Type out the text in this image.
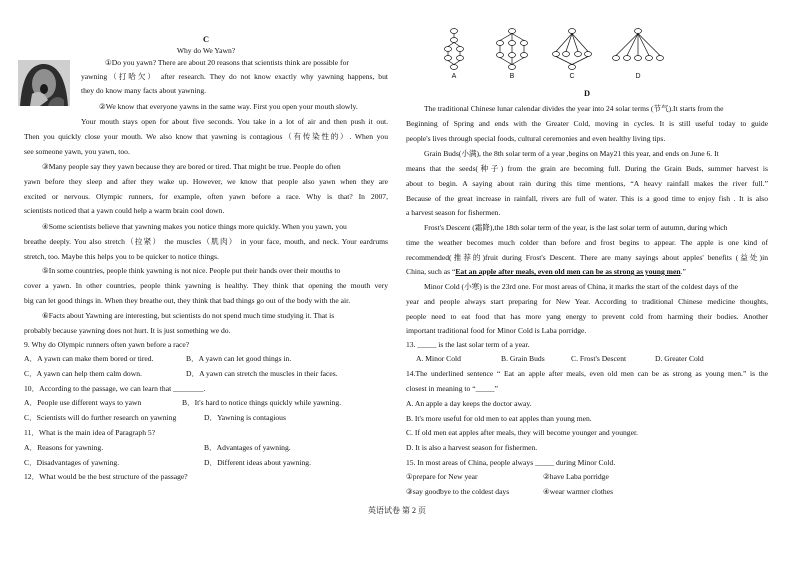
C
Why do We Yawn?
①Do you yawn? There are about 20 reasons that scientists think are possible for
yawning（打哈欠） after research. They do not know exactly why yawning happens, but
they do know many facts about yawning.
②We know that everyone yawns in the same way. First you open your mouth slowly.
Your mouth stays open for about five seconds. You take in a lot of air and then push it out.
Then you quickly close your mouth. We also know that yawning is contagious（有传染性的）. When you
see someone yawn, you yawn, too.
③Many people say they yawn because they are bored or tired. That might be true. People do often
yawn before they sleep and after they wake up. However, we know that people also yawn when they are
excited or nervous. Olympic runners, for example, often yawn before a race. Why is that? In 2007,
scientists noticed that a yawn could help a warm brain cool down.
④Some scientists believe that yawning makes you notice things more quickly. When you yawn, you
breathe deeply. You also stretch（拉紧） the muscles（肌肉） in your face, mouth, and neck. Your eardrums
stretch, too. Maybe this helps you to be quicker to notice things.
⑤In some countries, people think yawning is not nice. People put their hands over their mouths to
cover a yawn. In other countries, people think yawning is healthy. They think that opening the mouth very
big can let good things in. When they breathe out, they think that bad things go out of the body with the air.
⑥Facts about Yawning are interesting, but scientists do not spend much time studying it. That is
probably because yawning does not hurt. It is just something we do.
9. Why do Olympic runners often yawn before a race?
A．A yawn can make them bored or tired.	B．A yawn can let good things in.
C．A yawn can help them calm down.	D．A yawn can stretch the muscles in their faces.
10．According to the passage, we can learn that ________.
A．People use different ways to yawn	B．It's hard to notice things quickly while yawning.
C．Scientists will do further research on yawning	D．Yawning is contagious
11．What is the main idea of Paragraph 5?
A．Reasons for yawning.	B．Advantages of yawning.
C．Disadvantages of yawning.	D．Different ideas about yawning.
12．What would be the best structure of the passage?
A	B	C	D
D
The traditional Chinese lunar calendar divides the year into 24 solar terms (节气).It starts from the
Beginning of Spring and ends with the Greater Cold, moving in cycles. It is still useful today to guide
people's lives through special foods, cultural ceremonies and even healthy living tips.
Grain Buds(小满), the 8th solar term of a year ,begins on May21 this year, and ends on June 6. It
means that the seeds(种子) from the grain are becoming full. During the Grain Buds, summer harvest is
about to begin. A saying about rain during this time mentions, “A heavy rainfall makes the river full.”
Because of the great increase in rainfall, rivers are full of water. This is a good time to enjoy fish . It is also
a harvest season for fishermen.
Frost's Descent (霜降),the 18th solar term of the year, is the last solar term of autumn, during which
time the weather becomes much colder than before and frost begins to appear. The apple is one kind of
recommended(推荐的)fruit during Frost's Descent. There are many sayings about apples' benefits (益处)in
China, such as “Eat an apple after meals, even old men can be as strong as young men.”
Minor Cold (小寒) is the 23rd one. For most areas of China, it marks the start of the coldest days of the
year and people always start preparing for New Year. According to traditional Chinese medicine thoughts,
people need to eat food that has more yang energy to prevent cold from harming their bodies. Another
important traditional food for Minor Cold is Laba porridge.
13. _____ is the last solar term of a year.
A. Minor Cold	B. Grain Buds	C. Frost's Descent	D. Greater Cold
14.The underlined sentence “ Eat an apple after meals, even old men can be as strong as young men.” is the
closest in meaning to “_____”
A. An apple a day keeps the doctor away.
B. It's more useful for old men to eat apples than young men.
C. If old men eat apples after meals, they will become younger and younger.
D. It is also a harvest season for fishermen.
15. In most areas of China, people always _____ during Minor Cold.
①prepare for New year	②have Laba porridge
③say goodbye to the coldest days	④wear warmer clothes
英语试卷 第 2 页
